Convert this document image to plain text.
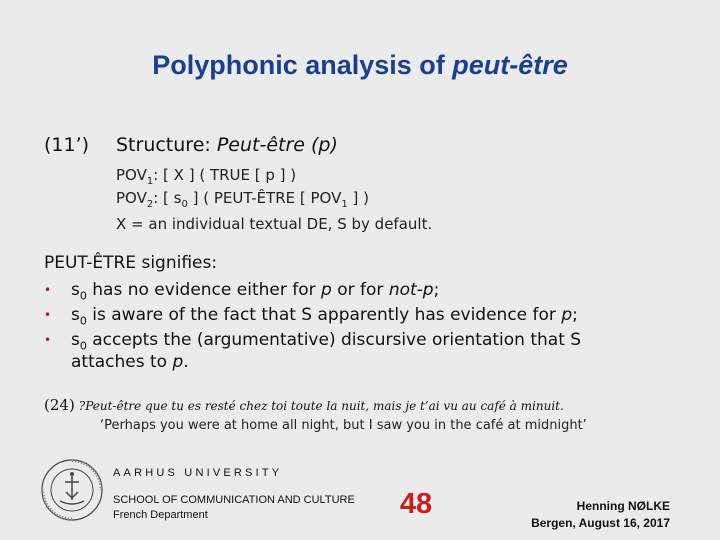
Polyphonic analysis of peut-être
(11’) Structure: Peut-être (p)
$POV_1$: [ X ] ( TRUE [ p ] )
$POV_2$: [ $s_0$ ] ( PEUT-ÊTRE [ $POV_1$ ] )
X = an individual textual DE, S by default.
PEUT-ÊTRE signifies:
• $s_0$ has no evidence either for p or for not-p;
• $s_0$ is aware of the fact that S apparently has evidence for p;
• $s_0$ accepts the (argumentative) discursive orientation that S
attaches to p.
(24) ?Peut-être que tu es resté chez toi toute la nuit, mais je t’ai vu au café à minuit.
‘Perhaps you were at home all night, but I saw you in the café at midnight’
AARHUS UNIVERSITY
SCHOOL OF COMMUNICATION AND CULTURE
French Department	48	Henning NØLKE
Bergen, August 16, 2017
